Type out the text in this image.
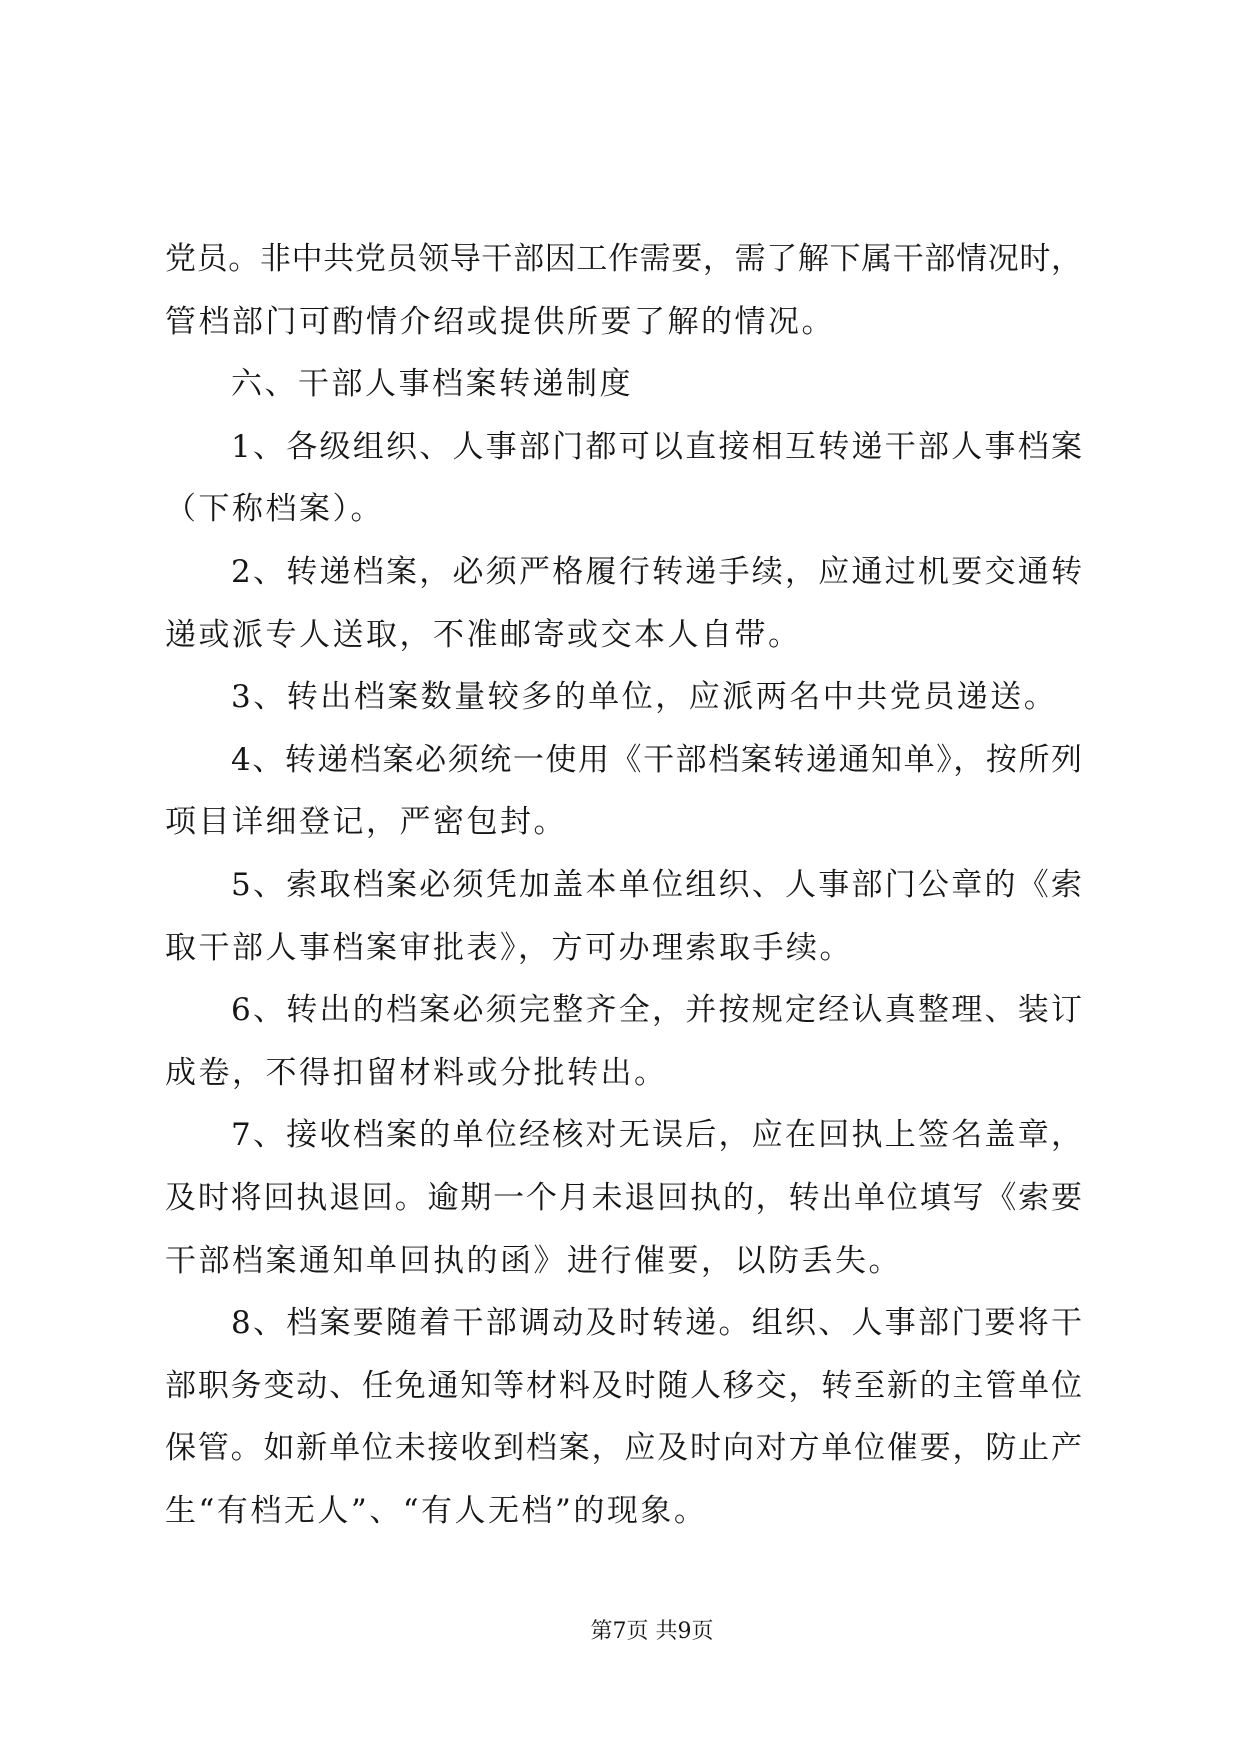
党员。非中共党员领导干部因工作需要，需了解下属干部情况时，
管档部门可酌情介绍或提供所要了解的情况。
六、干部人事档案转递制度
1、各级组织、人事部门都可以直接相互转递干部人事档案
（下称档案）。
2、转递档案，必须严格履行转递手续，应通过机要交通转
递或派专人送取，不准邮寄或交本人自带。
3、转出档案数量较多的单位，应派两名中共党员递送。
4、转递档案必须统一使用《干部档案转递通知单》，按所列
项目详细登记，严密包封。
5、索取档案必须凭加盖本单位组织、人事部门公章的《索
取干部人事档案审批表》，方可办理索取手续。
6、转出的档案必须完整齐全，并按规定经认真整理、装订
成卷，不得扣留材料或分批转出。
7、接收档案的单位经核对无误后，应在回执上签名盖章，
及时将回执退回。逾期一个月未退回执的，转出单位填写《索要
干部档案通知单回执的函》进行催要，以防丢失。
8、档案要随着干部调动及时转递。组织、人事部门要将干
部职务变动、任免通知等材料及时随人移交，转至新的主管单位
保管。如新单位未接收到档案，应及时向对方单位催要，防止产
生“有档无人”、“有人无档”的现象。
第7页 共9页
